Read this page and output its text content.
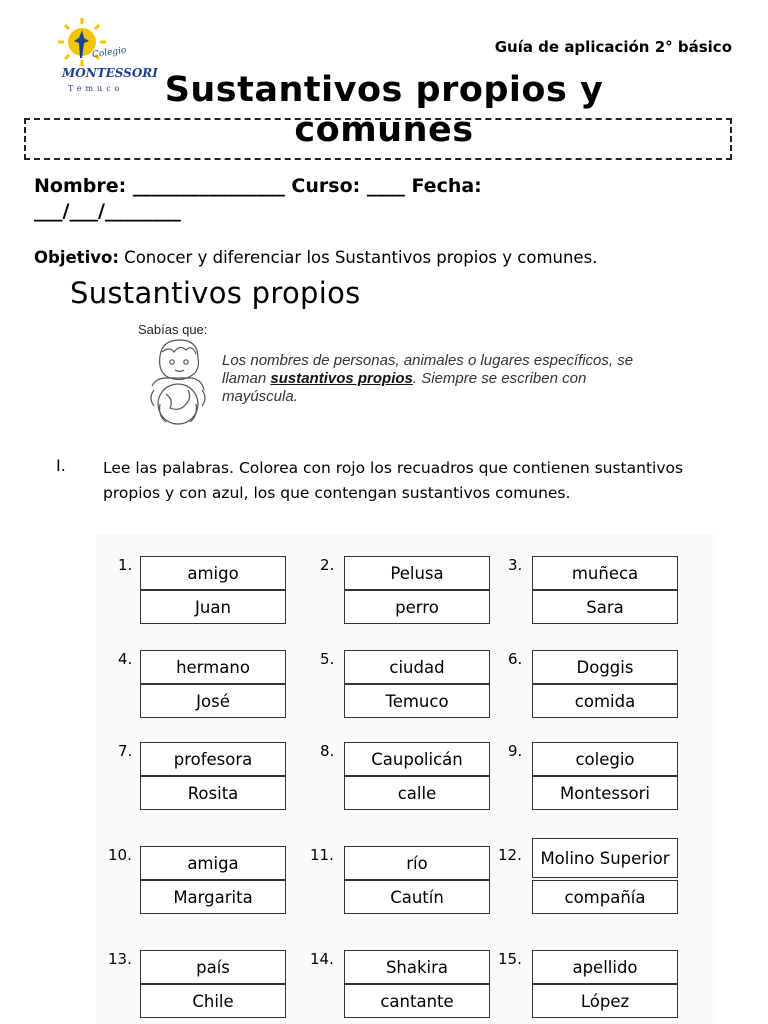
Colegio
MONTESSORI
Temuco
Guía de aplicación 2° básico
Sustantivos propios y
comunes
Nombre: ________________ Curso: ____ Fecha:
___/___/________
Objetivo: Conocer y diferenciar los Sustantivos propios y comunes.
Sustantivos propios
Sabías que:
Los nombres de personas, animales o lugares específicos, se llaman sustantivos propios. Siempre se escriben con mayúscula.
I. Lee las palabras. Colorea con rojo los recuadros que contienen sustantivos propios y con azul, los que contengan sustantivos comunes.
1.	amigo
Juan
2.	Pelusa
perro
3.	muñeca
Sara
4.	hermano
José
5.	ciudad
Temuco
6.	Doggis
comida
7.	profesora
Rosita
8.	Caupolicán
calle
9.	colegio
Montessori
10.	amiga
Margarita
11.	río
Cautín
12.	Molino Superior
compañía
13.	país
Chile
14.	Shakira
cantante
15.	apellido
López
